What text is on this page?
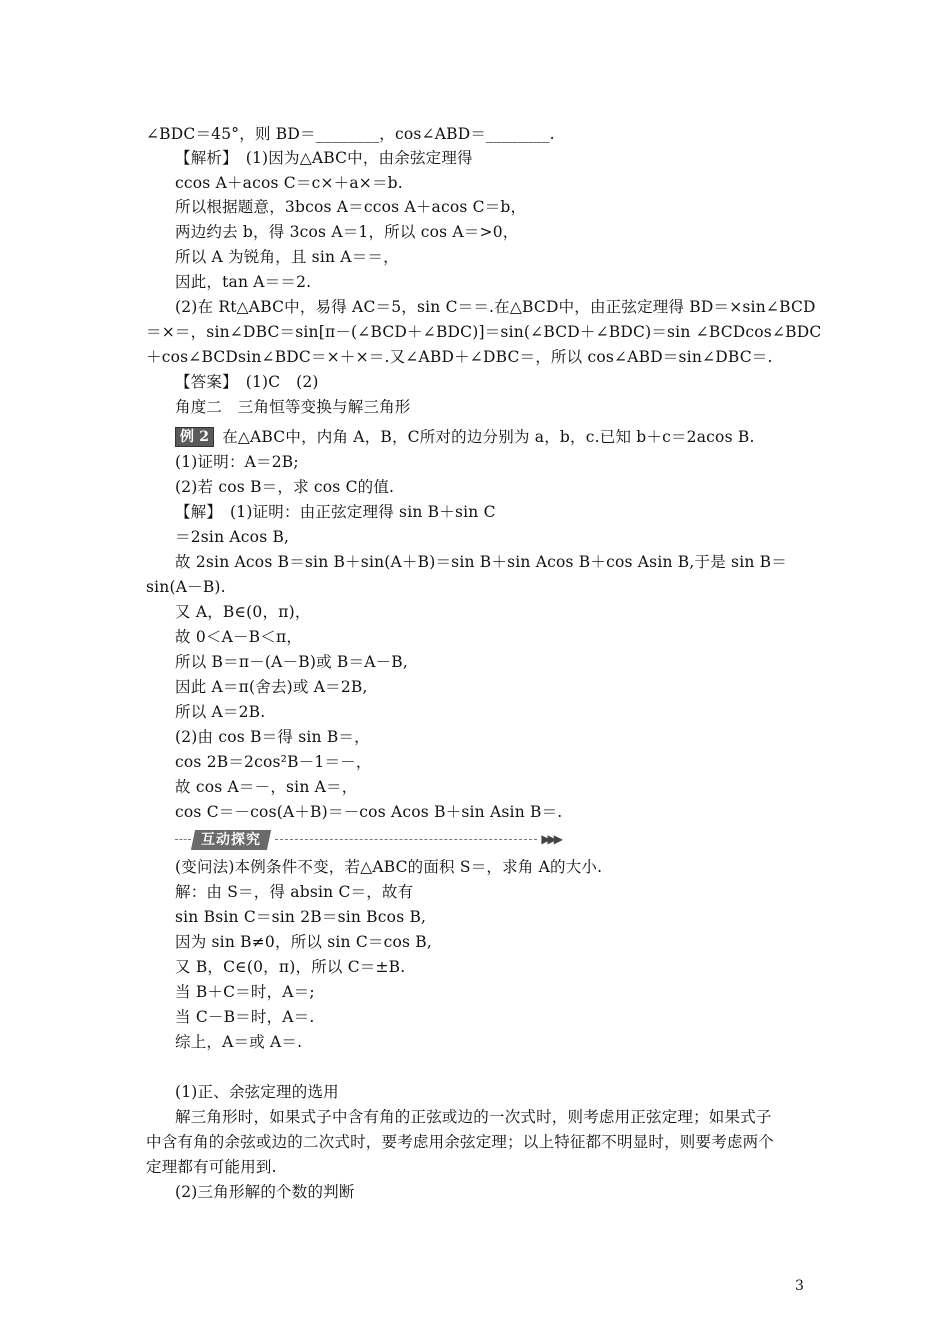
互动探究	▶▶▶
3
∠BDC＝45°，则 BD＝________，cos∠ABD＝________.
【解析】　(1)因为△ABC中，由余弦定理得
ccos A＋acos C＝c×＋a×＝b.
所以根据题意，3bcos A＝ccos A＋acos C＝b，
两边约去 b，得 3cos A＝1，所以 cos A＝>0，
所以 A 为锐角，且 sin A＝＝，
因此，tan A＝＝2.
(2)在 Rt△ABC中，易得 AC＝5，sin C＝＝.在△BCD中，由正弦定理得 BD＝×sin∠BCD
＝×＝，sin∠DBC＝sin[π－(∠BCD＋∠BDC)]＝sin(∠BCD＋∠BDC)＝sin ∠BCDcos∠BDC
＋cos∠BCDsin∠BDC＝×＋×＝.又∠ABD＋∠DBC＝，所以 cos∠ABD＝sin∠DBC＝.
【答案】　(1)C　(2)
角度二　三角恒等变换与解三角形
例 2 在△ABC中，内角 A，B，C所对的边分别为 a，b，c.已知 b＋c＝2acos B.
(1)证明：A＝2B;
(2)若 cos B＝，求 cos C的值.
【解】　(1)证明：由正弦定理得 sin B＋sin C
＝2sin Acos B,
故 2sin Acos B＝sin B＋sin(A＋B)＝sin B＋sin Acos B＋cos Asin B,于是 sin B＝
sin(A－B).
又 A，B∈(0，π)，
故 0＜A－B＜π，
所以 B＝π－(A－B)或 B＝A－B,
因此 A＝π(舍去)或 A＝2B,
所以 A＝2B.
(2)由 cos B＝得 sin B＝，
cos 2B＝2cos²B－1＝－，
故 cos A＝－，sin A＝，
cos C＝－cos(A＋B)＝－cos Acos B＋sin Asin B＝.
(变问法)本例条件不变，若△ABC的面积 S＝，求角 A的大小.
解：由 S＝，得 absin C＝，故有
sin Bsin C＝sin 2B＝sin Bcos B,
因为 sin B≠0，所以 sin C＝cos B,
又 B，C∈(0，π)，所以 C＝±B.
当 B＋C＝时，A＝;
当 C－B＝时，A＝.
综上，A＝或 A＝.
(1)正、余弦定理的选用
解三角形时，如果式子中含有角的正弦或边的一次式时，则考虑用正弦定理；如果式子
中含有角的余弦或边的二次式时，要考虑用余弦定理；以上特征都不明显时，则要考虑两个
定理都有可能用到.
(2)三角形解的个数的判断
